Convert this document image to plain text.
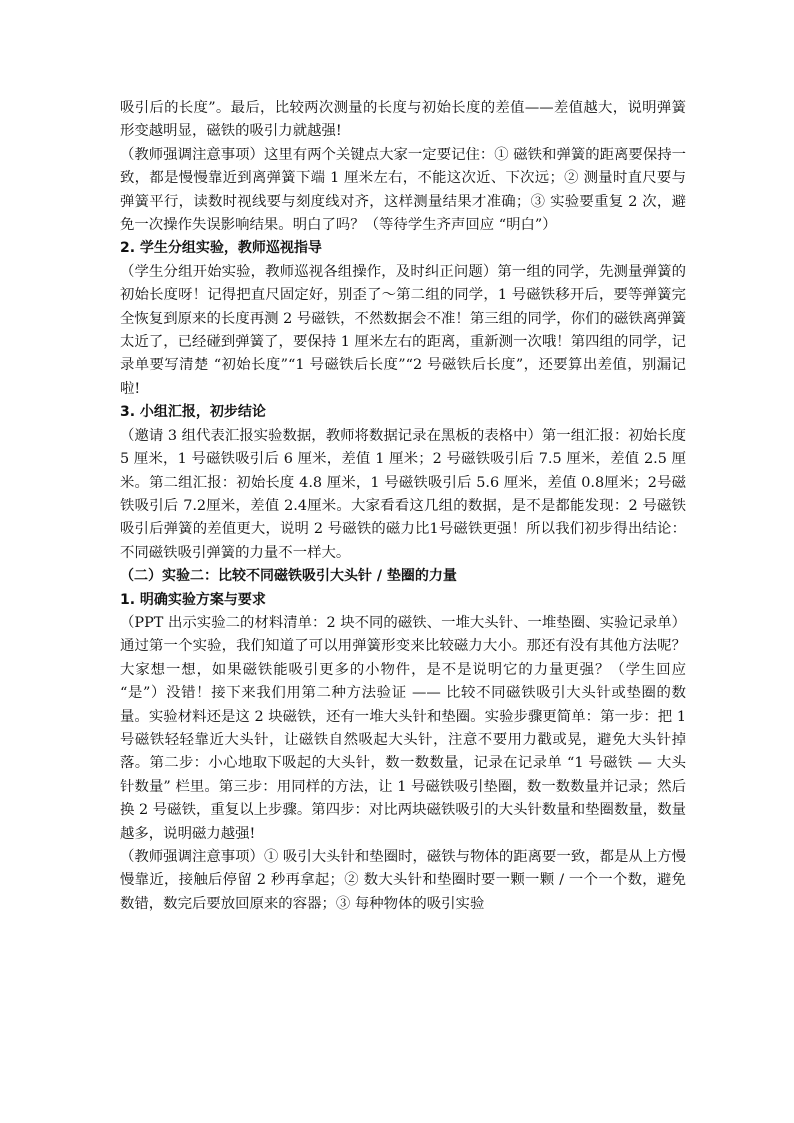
吸引后的长度”。最后，比较两次测量的长度与初始长度的差值——差值越大，说明弹簧形变越明显，磁铁的吸引力就越强!

（教师强调注意事项）这里有两个关键点大家一定要记住：① 磁铁和弹簧的距离要保持一致，都是慢慢靠近到离弹簧下端 1 厘米左右，不能这次近、下次远；② 测量时直尺要与弹簧平行，读数时视线要与刻度线对齐，这样测量结果才准确；③ 实验要重复 2 次，避免一次操作失误影响结果。明白了吗？（等待学生齐声回应 “明白”）

2. 学生分组实验，教师巡视指导

（学生分组开始实验，教师巡视各组操作，及时纠正问题）第一组的同学，先测量弹簧的初始长度呀！记得把直尺固定好，别歪了～第二组的同学，1 号磁铁移开后，要等弹簧完全恢复到原来的长度再测 2 号磁铁，不然数据会不准！第三组的同学，你们的磁铁离弹簧太近了，已经碰到弹簧了，要保持 1 厘米左右的距离，重新测一次哦！第四组的同学，记录单要写清楚 “初始长度”“1 号磁铁后长度”“2 号磁铁后长度”，还要算出差值，别漏记啦!

3. 小组汇报，初步结论

（邀请 3 组代表汇报实验数据，教师将数据记录在黑板的表格中）第一组汇报：初始长度 5 厘米，1 号磁铁吸引后 6 厘米，差值 1 厘米；2 号磁铁吸引后 7.5 厘米，差值 2.5 厘米。第二组汇报：初始长度 4.8 厘米，1 号磁铁吸引后 5.6 厘米，差值 0.8厘米；2号磁铁吸引后 7.2厘米，差值 2.4厘米。大家看看这几组的数据，是不是都能发现：2 号磁铁吸引后弹簧的差值更大，说明 2 号磁铁的磁力比1号磁铁更强！所以我们初步得出结论：不同磁铁吸引弹簧的力量不一样大。

（二）实验二：比较不同磁铁吸引大头针 / 垫圈的力量

1. 明确实验方案与要求

（PPT 出示实验二的材料清单：2 块不同的磁铁、一堆大头针、一堆垫圈、实验记录单）通过第一个实验，我们知道了可以用弹簧形变来比较磁力大小。那还有没有其他方法呢？大家想一想，如果磁铁能吸引更多的小物件，是不是说明它的力量更强？（学生回应 “是”）没错！接下来我们用第二种方法验证 —— 比较不同磁铁吸引大头针或垫圈的数量。实验材料还是这 2 块磁铁，还有一堆大头针和垫圈。实验步骤更简单：第一步：把 1 号磁铁轻轻靠近大头针，让磁铁自然吸起大头针，注意不要用力戳或晃，避免大头针掉落。第二步：小心地取下吸起的大头针，数一数数量，记录在记录单 “1 号磁铁 — 大头针数量” 栏里。第三步：用同样的方法，让 1 号磁铁吸引垫圈，数一数数量并记录；然后换 2 号磁铁，重复以上步骤。第四步：对比两块磁铁吸引的大头针数量和垫圈数量，数量越多，说明磁力越强!

（教师强调注意事项）① 吸引大头针和垫圈时，磁铁与物体的距离要一致，都是从上方慢慢靠近，接触后停留 2 秒再拿起；② 数大头针和垫圈时要一颗一颗 / 一个一个数，避免数错，数完后要放回原来的容器；③ 每种物体的吸引实验
